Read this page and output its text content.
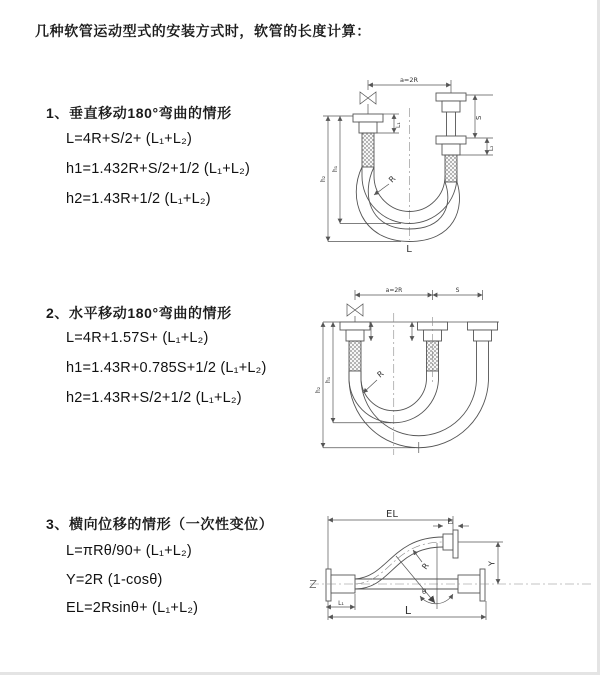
几种软管运动型式的安装方式时，软管的长度计算：
1、垂直移动180°弯曲的情形
L=4R+S/2+ (L₁+L₂)
h1=1.432R+S/2+1/2 (L₁+L₂)
h2=1.43R+1/2 (L₁+L₂)
2、水平移动180°弯曲的情形
L=4R+1.57S+ (L₁+L₂)
h1=1.43R+0.785S+1/2 (L₁+L₂)
h2=1.43R+S/2+1/2 (L₁+L₂)
3、横向位移的情形（一次性变位）
L=πRθ/90+ (L₁+L₂)
Y=2R (1-cosθ)
EL=2Rsinθ+ (L₁+L₂)
a=2R
R
L
h₂
h₁
L₁
S
L₂
a=2R	S
h₂
h₁
R
EL
L₂
Y
R
θ
L
L₁
